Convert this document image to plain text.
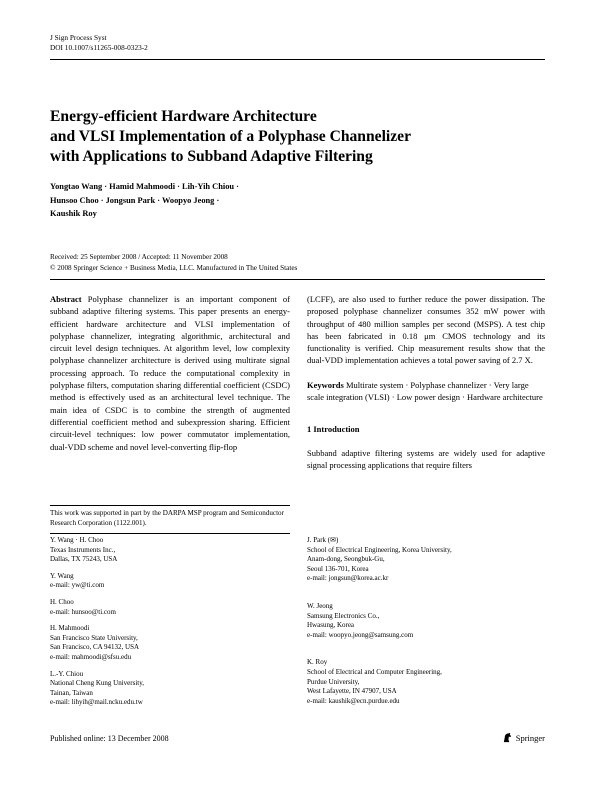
J Sign Process Syst
DOI 10.1007/s11265-008-0323-2
Energy-efficient Hardware Architecture
and VLSI Implementation of a Polyphase Channelizer
with Applications to Subband Adaptive Filtering
Yongtao Wang · Hamid Mahmoodi · Lih-Yih Chiou ·
Hunsoo Choo · Jongsun Park · Woopyo Jeong ·
Kaushik Roy
Received: 25 September 2008 / Accepted: 11 November 2008
© 2008 Springer Science + Business Media, LLC. Manufactured in The United States

Abstract Polyphase channelizer is an important component of subband adaptive filtering systems. This paper presents an energy-efficient hardware architecture and VLSI implementation of polyphase channelizer, integrating algorithmic, architectural and circuit level design techniques. At algorithm level, low complexity polyphase channelizer architecture is derived using multirate signal processing approach. To reduce the computational complexity in polyphase filters, computation sharing differential coefficient (CSDC) method is effectively used as an architectural level technique. The main idea of CSDC is to combine the strength of augmented differential coefficient method and subexpression sharing. Efficient circuit-level techniques: low power commutator implementation, dual-VDD scheme and novel level-converting flip-flop

(LCFF), are also used to further reduce the power dissipation. The proposed polyphase channelizer consumes 352 mW power with throughput of 480 million samples per second (MSPS). A test chip has been fabricated in 0.18 μm CMOS technology and its functionality is verified. Chip measurement results show that the dual-VDD implementation achieves a total power saving of 2.7 X.

Keywords Multirate system · Polyphase channelizer · Very large scale integration (VLSI) · Low power design · Hardware architecture

1 Introduction

Subband adaptive filtering systems are widely used for adaptive signal processing applications that require filters

This work was supported in part by the DARPA MSP program and Semiconductor Research Corporation (1122.001).

Y. Wang · H. Choo
Texas Instruments Inc.,
Dallas, TX 75243, USA

Y. Wang
e-mail: yw@ti.com

H. Choo
e-mail: hunsoo@ti.com

H. Mahmoodi
San Francisco State University,
San Francisco, CA 94132, USA
e-mail: mahmoodi@sfsu.edu

L.-Y. Chiou
National Cheng Kung University,
Tainan, Taiwan
e-mail: lihyih@mail.ncku.edu.tw

J. Park (✉)
School of Electrical Engineering, Korea University,
Anam-dong, Seongbuk-Gu,
Seoul 136-701, Korea
e-mail: jongsun@korea.ac.kr

W. Jeong
Samsung Electronics Co.,
Hwasung, Korea
e-mail: woopyo.jeong@samsung.com

K. Roy
School of Electrical and Computer Engineering,
Purdue University,
West Lafayette, IN 47907, USA
e-mail: kaushik@ecn.purdue.edu

Published online: 13 December 2008	Springer
